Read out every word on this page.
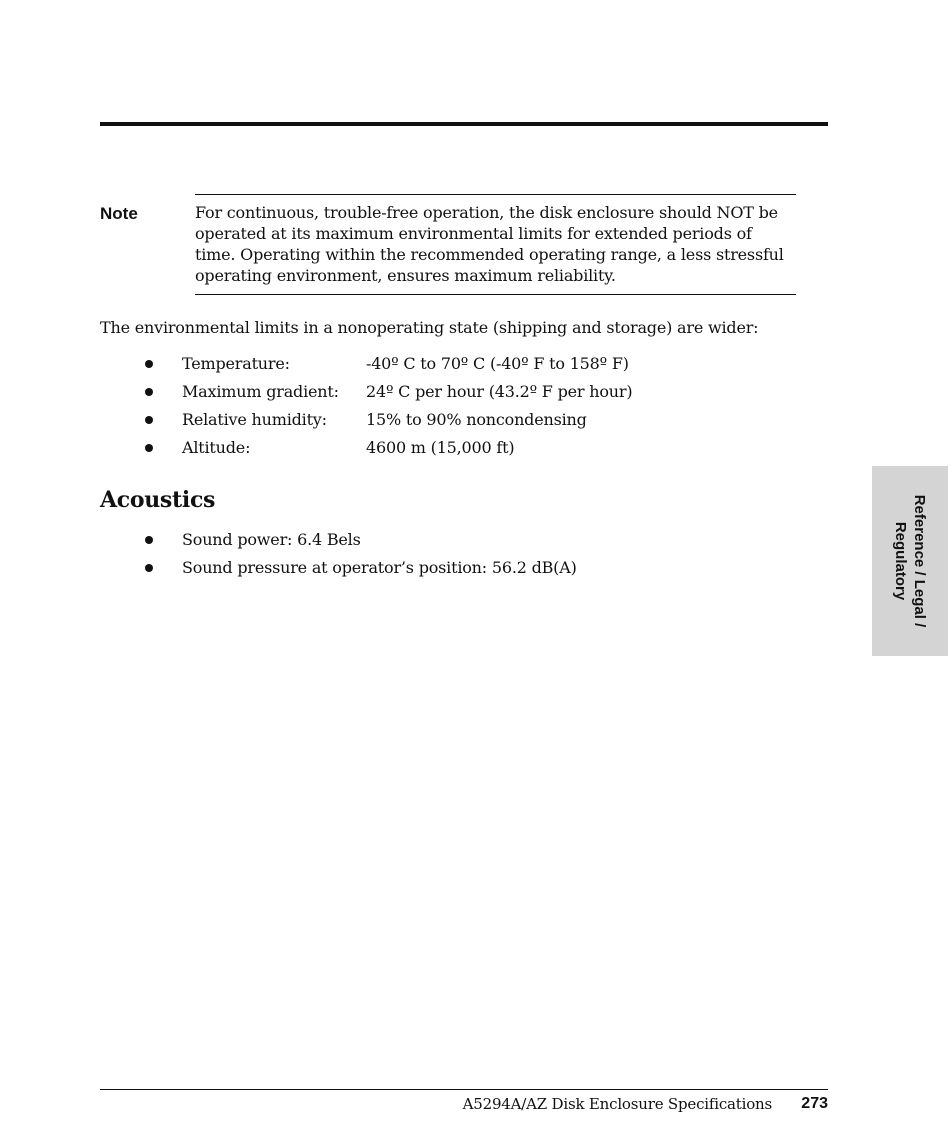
Note	For continuous, trouble-free operation, the disk enclosure should NOT be operated at its maximum environmental limits for extended periods of time. Operating within the recommended operating range, a less stressful operating environment, ensures maximum reliability.

The environmental limits in a nonoperating state (shipping and storage) are wider:

Temperature:	-40º C to 70º C (-40º F to 158º F)
Maximum gradient: 24º C per hour (43.2º F per hour)
Relative humidity: 15% to 90% noncondensing
Altitude:	4600 m (15,000 ft)
Acoustics
Sound power: 6.4 Bels
Sound pressure at operator’s position: 56.2 dB(A)	Reference / Legal / Regulatory
A5294A/AZ Disk Enclosure Specifications 273
